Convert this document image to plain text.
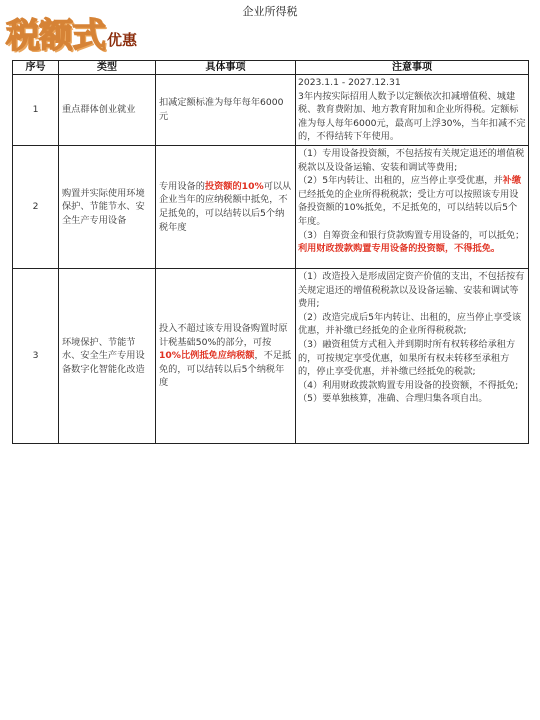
企业所得税
税额式 优惠
序号	类型	具体事项	注意事项
1	重点群体创业就业	扣减定额标准为每年每年6000元	2023.1.1 - 2027.12.31

3年内按实际招用人数予以定额依次扣减增值税、城建税、教育费附加、地方教育附加和企业所得税。定额标准为每人每年6000元，最高可上浮30%，当年扣减不完的，不得结转下年使用。

2	购置并实际使用环境保护、节能节水、安全生产专用设备	专用设备的投资额的10%可以从企业当年的应纳税额中抵免，不足抵免的，可以结转以后5个纳税年度	（1）专用设备投资额，不包括按有关规定退还的增值税税款以及设备运输、安装和调试等费用;

（2）5年内转让、出租的，应当停止享受优惠，并补缴已经抵免的企业所得税税款；受让方可以按照该专用设备投资额的10%抵免，不足抵免的，可以结转以后5个年度。

（3）自筹资金和银行贷款购置专用设备的，可以抵免；利用财政拨款购置专用设备的投资额，不得抵免。

3	环境保护、节能节水、安全生产专用设备数字化智能化改造	投入不超过该专用设备购置时原计税基础50%的部分，可按10%比例抵免应纳税额，不足抵免的，可以结转以后5个纳税年度	（1）改造投入是形成固定资产价值的支出，不包括按有关规定退还的增值税税款以及设备运输、安装和调试等费用;

（2）改造完成后5年内转让、出租的，应当停止享受该优惠，并补缴已经抵免的企业所得税税款;

（3）融资租赁方式租入并到期时所有权转移给承租方的，可按规定享受优惠，如果所有权未转移至承租方的，停止享受优惠，并补缴已经抵免的税款;

（4）利用财政拨款购置专用设备的投资额，不得抵免;

（5）要单独核算，准确、合理归集各项自出。
